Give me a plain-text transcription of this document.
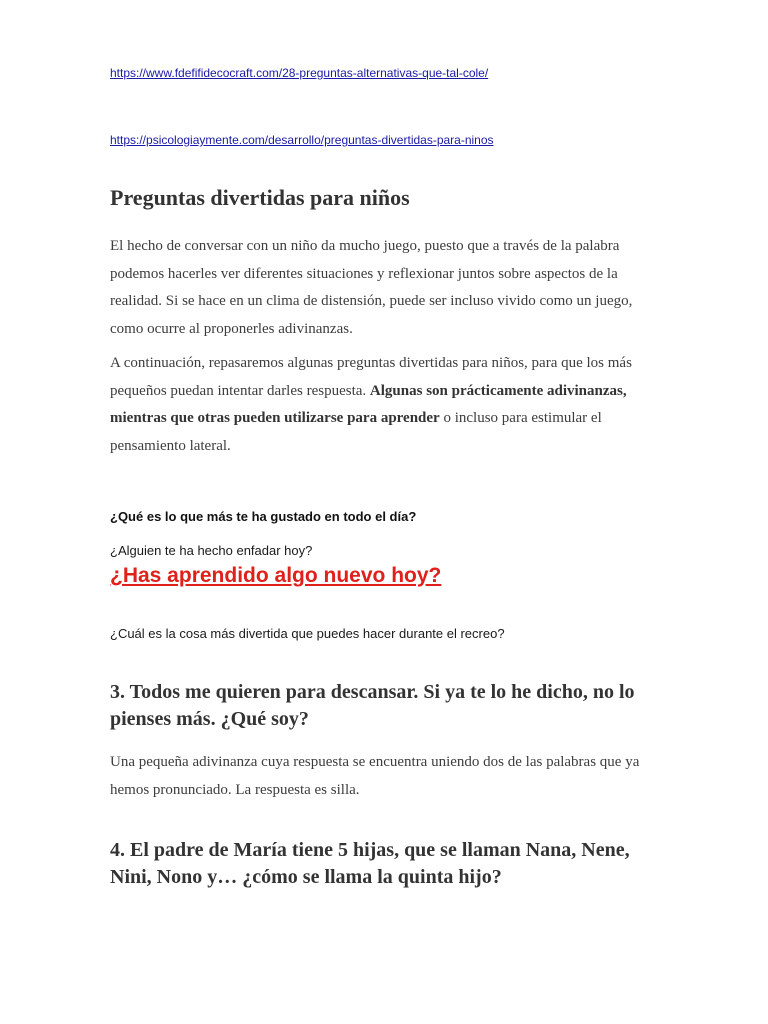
https://www.fdefifidecocraft.com/28-preguntas-alternativas-que-tal-cole/
https://psicologiaymente.com/desarrollo/preguntas-divertidas-para-ninos
Preguntas divertidas para niños

El hecho de conversar con un niño da mucho juego, puesto que a través de la palabra podemos hacerles ver diferentes situaciones y reflexionar juntos sobre aspectos de la realidad. Si se hace en un clima de distensión, puede ser incluso vivido como un juego, como ocurre al proponerles adivinanzas.

A continuación, repasaremos algunas preguntas divertidas para niños, para que los más pequeños puedan intentar darles respuesta. Algunas son prácticamente adivinanzas, mientras que otras pueden utilizarse para aprender o incluso para estimular el pensamiento lateral.

¿Qué es lo que más te ha gustado en todo el día?
¿Alguien te ha hecho enfadar hoy?
¿Has aprendido algo nuevo hoy?
¿Cuál es la cosa más divertida que puedes hacer durante el recreo?
3. Todos me quieren para descansar. Si ya te lo he dicho, no lo pienses más. ¿Qué soy?

Una pequeña adivinanza cuya respuesta se encuentra uniendo dos de las palabras que ya hemos pronunciado. La respuesta es silla.

4. El padre de María tiene 5 hijas, que se llaman Nana, Nene, Nini, Nono y… ¿cómo se llama la quinta hijo?
